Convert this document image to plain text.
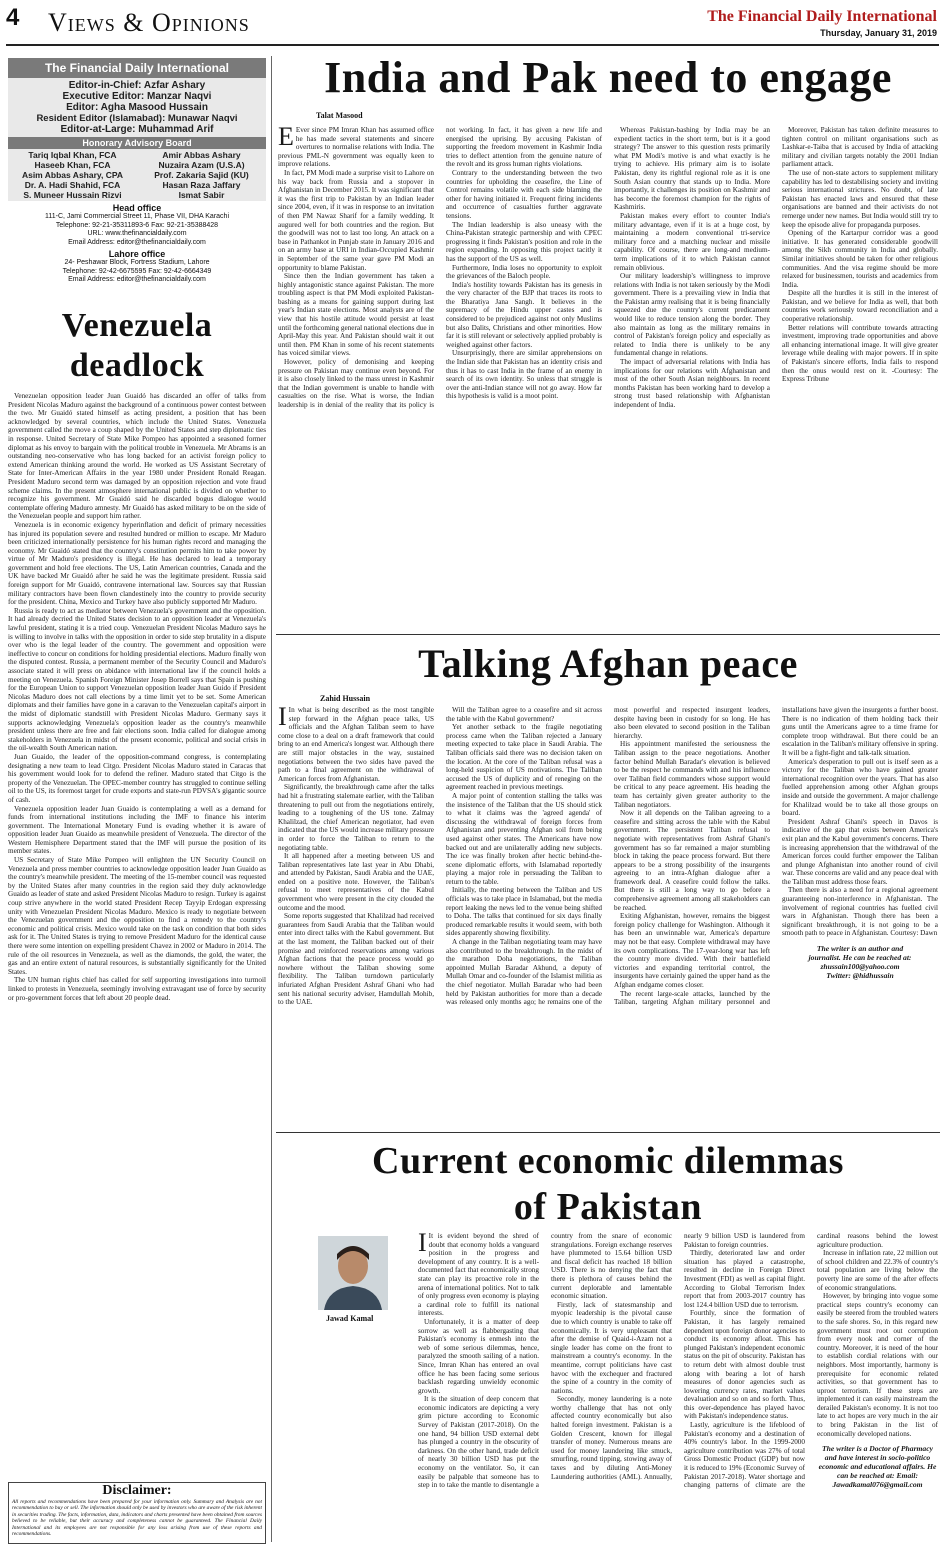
4 Views & Opinions	The Financial Daily International
Thursday, January 31, 2019
The Financial Daily International
Editor-in-Chief: Azfar Ashary
Executive Editor: Manzar Naqvi
Editor: Agha Masood Hussain
Resident Editor (Islamabad): Munawar Naqvi
Editor-at-Large: Muhammad Arif
Honorary Advisory Board
Tariq Iqbal Khan, FCA
Haseeb Khan, FCA
Asim Abbas Ashary, CPA
Dr. A. Hadi Shahid, FCA
S. Muneer Hussain Rizvi
Amir Abbas Ashary
Nuzaira Azam (U.S.A)
Prof. Zakaria Sajid (KU)
Hasan Raza Jaffary
Ismat Sabir
Head office
111-C, Jami Commercial Street 11, Phase VII, DHA Karachi
Telephone: 92-21-35311893-6 Fax: 92-21-35388428
URL: www.thefinancialdaily.com
Email Address: editor@thefinancialdaily.com
Lahore office
24- Peshawar Block, Fortress Stadium, Lahore
Telephone: 92-42-6675595 Fax: 92-42-6664349
Email Address: editor@thefinancialdaily.com
Venezuela
deadlock

Venezuelan opposition leader Juan Guaidó has discarded an offer of talks from President Nicolas Maduro against the background of a continuous power contest between the two. Mr Guaidó stated himself as acting president, a position that has been acknowledged by several countries, which include the United States. Venezuela government called the move a coup shaped by the United States and step diplomatic ties in response. United Secretary of State Mike Pompeo has appointed a seasoned former diplomat as his envoy to bargain with the political trouble in Venezuela. Mr Abrams is an outstanding neo-conservative who has long backed for an activist foreign policy to extend American thinking around the world. He worked as US Assistant Secretary of State for Inter-American Affairs in the year 1980 under President Ronald Reagan. President Maduro second term was damaged by an opposition rejection and vote fraud scheme claims. In the present atmosphere international public is divided on whether to recognize his government. Mr Guaidó said he discarded bogus dialogue would contemplate offering Maduro amnesty. Mr Guaidó has asked military to be on the side of the Venezuelan people and support him rather.

Venezuela is in economic exigency hyperinflation and deficit of primary necessities has injured its population severe and resulted hundred or million to escape. Mr Maduro been criticized internationally persistence for his human rights record and managing the economy. Mr Guaidó stated that the country's constitution permits him to take power by virtue of Mr Maduro's presidency is illegal. He has declared to lead a temporary government and hold free elections. The US, Latin American countries, Canada and the UK have backed Mr Guaidó after he said he was the legitimate president. Russia said foreign support for Mr Guaidó, contravene international law. Sources say that Russian military contractors have been flown clandestinely into the country to provide security for the president. China, Mexico and Turkey have also publicly supported Mr Maduro.

Russia is ready to act as mediator between Venezuela's government and the opposition. It had already decried the United States decision to an opposition leader at Venezuela's lawful president, stating it is a tried coup. Venezuelan President Nicolas Maduro says he is willing to involve in talks with the opposition in order to side step brutality in a dispute over who is the legal leader of the country. The government and opposition were ineffective to concur on conditions for holding presidential elections. Maduro finally won the disputed contest. Russia, a permanent member of the Security Council and Maduro's associate stated it will press on abidance with international law if the council holds a meeting on Venezuela. Spanish Foreign Minister Josep Borrell says that Spain is pushing for the European Union to support Venezuelan opposition leader Juan Guido if President Nicolas Maduro does not call elections by a time limit yet to be set. Some American diplomats and their families have gone in a caravan to the Venezuelan capital's airport in the midst of diplomatic standstill with President Nicolas Maduro. Germany says it supports acknowledging Venezuela's opposition leader as the country's meanwhile president unless there are free and fair elections soon. India called for dialogue among stakeholders in Venezuela in midst of the present economic, political and social crisis in the oil-wealth South American nation.

Juan Guaido, the leader of the opposition-command congress, is contemplating designating a new team to lead Citgo. President Nicolas Maduro stated in Caracas that his government would look for to defend the refiner. Maduro stated that Citgo is the property of the Venezuelan. The OPEC-member country has struggled to continue selling oil to the US, its foremost target for crude exports and state-run PDVSA's gigantic source of cash.

Venezuela opposition leader Juan Guaido is contemplating a well as a demand for funds from international institutions including the IMF to finance his interim government. The International Monetary Fund is evading whether it is aware of opposition leader Juan Guaido as meanwhile president of Venezuela. The director of the Western Hemisphere Department stated that the IMF will pursue the position of its member states.

US Secretary of State Mike Pompeo will enlighten the UN Security Council on Venezuela and press member countries to acknowledge opposition leader Juan Guaido as the country's meanwhile president. The meeting of the 15-member council was requested by the United States after many countries in the region said they duly acknowledge Guaido as leader of state and asked President Nicolas Maduro to resign. Turkey is against coup strive anywhere in the world stated President Recep Tayyip Erdogan expressing unity with Venezuelan President Nicolas Maduro. Mexico is ready to negotiate between the Venezuelan government and the opposition to find a remedy to the country's economic and political crisis. Mexico would take on the task on condition that both sides ask for it. The United States is trying to remove President Maduro for the identical cause there were some intention on expelling president Chavez in 2002 or Maduro in 2014. The rule of the oil resources in Venezuela, as well as the diamonds, the gold, the water, the gas and an entire extent of natural resources, is substantially significantly for the United States.

The UN human rights chief has called for self supporting investigations into turmoil linked to protests in Venezuela, seemingly involving extravagant use of force by security or pro-government forces that left about 20 people dead.

Disclaimer:
All reports and recommendations have been prepared for your information only. Summary and Analysis are not recommendation to buy or sell. The information should only be used by investors who are aware of the risk inherent in securities trading. The facts, information, data, indicators and charts presented have been obtained from sources believed to be reliable, but their accuracy and completeness cannot be guaranteed. The Financial Daily International and its employees are not responsible for any loss arising from use of these reports and recommendations.
India and Pak need to engage
Talat Masood

E Ever since PM Imran Khan has assumed office he has made several statements and sincere overtures to normalise relations with India. The previous PML-N government was equally keen to improve relations.

In fact, PM Modi made a surprise visit to Lahore on his way back from Russia and a stopover in Afghanistan in December 2015. It was significant that it was the first trip to Pakistan by an Indian leader since 2004, even, if it was in response to an invitation of then PM Nawaz Sharif for a family wedding. It augured well for both countries and the region. But the goodwill was not to last too long. An attack on a base in Pathankot in Punjab state in January 2016 and on an army base at URI in Indian-Occupied Kashmir in September of the same year gave PM Modi an opportunity to blame Pakistan.

Since then the Indian government has taken a highly antagonistic stance against Pakistan. The more troubling aspect is that PM Modi exploited Pakistan-bashing as a means for gaining support during last year's Indian state elections. Most analysts are of the view that his hostile attitude would persist at least until the forthcoming general national elections due in April-May this year. And Pakistan should wait it out until then. PM Khan in some of his recent statements has voiced similar views.

However, policy of demonising and keeping pressure on Pakistan may continue even beyond. For it is also closely linked to the mass unrest in Kashmir that the Indian government is unable to handle with casualties on the rise. What is worse, the Indian leadership is in denial of the reality that its policy is not working. In fact, it has given a new life and energised the uprising. By accusing Pakistan of supporting the freedom movement in Kashmir India tries to deflect attention from the genuine nature of the revolt and its gross human rights violations.

Contrary to the understanding between the two countries for upholding the ceasefire, the Line of Control remains volatile with each side blaming the other for having initiated it. Frequent firing incidents and occurrence of casualties further aggravate tensions.

The Indian leadership is also uneasy with the China-Pakistan strategic partnership and with CPEC progressing it finds Pakistan's position and role in the region expanding. In opposing this project tacitly it has the support of the US as well.

Furthermore, India loses no opportunity to exploit the grievances of the Baloch people.

India's hostility towards Pakistan has its genesis in the very character of the BJP that traces its roots to the Bharatiya Jana Sangh. It believes in the supremacy of the Hindu upper castes and is considered to be prejudiced against not only Muslims but also Dalits, Christians and other minorities. How far it is still relevant or selectively applied probably is weighed against other factors.

Unsurprisingly, there are similar apprehensions on the Indian side that Pakistan has an identity crisis and thus it has to cast India in the frame of an enemy in search of its own identity. So unless that struggle is over the anti-Indian stance will not go away. How far this hypothesis is valid is a moot point.

Whereas Pakistan-bashing by India may be an expedient tactics in the short term, but is it a good strategy? The answer to this question rests primarily what PM Modi's motive is and what exactly is he trying to achieve. His primary aim is to isolate Pakistan, deny its rightful regional role as it is one South Asian country that stands up to India. More importantly, it challenges its position on Kashmir and has become the foremost champion for the rights of Kashmiris.

Pakistan makes every effort to counter India's military advantage, even if it is at a huge cost, by maintaining a modern conventional tri-service military force and a matching nuclear and missile capability. Of course, there are long-and medium-term implications of it to which Pakistan cannot remain oblivious.

Our military leadership's willingness to improve relations with India is not taken seriously by the Modi government. There is a prevailing view in India that the Pakistan army realising that it is being financially squeezed due the country's current predicament would like to reduce tension along the border. They also maintain as long as the military remains in control of Pakistan's foreign policy and especially as related to India there is unlikely to be any fundamental change in relations.

The impact of adversarial relations with India has implications for our relations with Afghanistan and most of the other South Asian neighbours. In recent months Pakistan has been working hard to develop a strong trust based relationship with Afghanistan independent of India.

Moreover, Pakistan has taken definite measures to tighten control on militant organisations such as Lashkar-e-Taiba that is accused by India of attacking military and civilian targets notably the 2001 Indian parliament attack.

The use of non-state actors to supplement military capability has led to destabilising society and inviting serious international strictures. No doubt, of late Pakistan has enacted laws and ensured that these organisations are banned and their activists do not remerge under new names. But India would still try to keep the episode alive for propaganda purposes.

Opening of the Kartarpur corridor was a good initiative. It has generated considerable goodwill among the Sikh community in India and globally. Similar initiatives should be taken for other religious communities. And the visa regime should be more relaxed for businessmen, tourists and academics from India.

Despite all the hurdles it is still in the interest of Pakistan, and we believe for India as well, that both countries work seriously toward reconciliation and a cooperative relationship.

Better relations will contribute towards attracting investment, improving trade opportunities and above all enhancing international image. It will give greater leverage while dealing with major powers. If in spite of Pakistan's sincere efforts, India fails to respond then the onus would rest on it. -Courtesy: The Express Tribune

Talking Afghan peace
Zahid Hussain

I In what is being described as the most tangible step forward in the Afghan peace talks, US officials and the Afghan Taliban seem to have come close to a deal on a draft framework that could bring to an end America's longest war. Although there are still major obstacles in the way, sustained negotiations between the two sides have paved the path to a final agreement on the withdrawal of American forces from Afghanistan.

Significantly, the breakthrough came after the talks had hit a frustrating stalemate earlier, with the Taliban threatening to pull out from the negotiations entirely, leading to a toughening of the US tone. Zalmay Khalilzad, the chief American negotiator, had even indicated that the US would increase military pressure in order to force the Taliban to return to the negotiating table.

It all happened after a meeting between US and Taliban representatives late last year in Abu Dhabi, and attended by Pakistan, Saudi Arabia and the UAE, ended on a positive note. However, the Taliban's refusal to meet representatives of the Kabul government who were present in the city clouded the outcome and the mood.

Some reports suggested that Khalilzad had received guarantees from Saudi Arabia that the Taliban would enter into direct talks with the Kabul government. But at the last moment, the Taliban backed out of their promise and reinforced reservations among various Afghan factions that the peace process would go nowhere without the Taliban showing some flexibility. The Taliban turndown particularly infuriated Afghan President Ashraf Ghani who had sent his national security adviser, Hamdullah Mohib, to the UAE.

Will the Taliban agree to a ceasefire and sit across the table with the Kabul government?

Yet another setback to the fragile negotiating process came when the Taliban rejected a January meeting expected to take place in Saudi Arabia. The Taliban officials said there was no decision taken on the location. At the core of the Taliban refusal was a long-held suspicion of US motivations. The Taliban accused the US of duplicity and of reneging on the agreement reached in previous meetings.

A major point of contention stalling the talks was the insistence of the Taliban that the US should stick to what it claims was the 'agreed agenda' of discussing the withdrawal of foreign forces from Afghanistan and preventing Afghan soil from being used against other states. The Americans have now backed out and are unilaterally adding new subjects. The ice was finally broken after hectic behind-the-scene diplomatic efforts, with Islamabad reportedly playing a major role in persuading the Taliban to return to the table.

Initially, the meeting between the Taliban and US officials was to take place in Islamabad, but the media report leaking the news led to the venue being shifted to Doha. The talks that continued for six days finally produced remarkable results it would seem, with both sides apparently showing flexibility.

A change in the Taliban negotiating team may have also contributed to the breakthrough. In the midst of the marathon Doha negotiations, the Taliban appointed Mullah Baradar Akhund, a deputy of Mullah Omar and co-founder of the Islamist militia as the chief negotiator. Mullah Baradar who had been held by Pakistan authorities for more than a decade was released only months ago; he remains one of the most powerful and respected insurgent leaders, despite having been in custody for so long. He has also been elevated to second position in the Taliban hierarchy.

His appointment manifested the seriousness the Taliban assign to the peace negotiations. Another factor behind Mullah Baradar's elevation is believed to be the respect he commands with and his influence over Taliban field commanders whose support would be critical to any peace agreement. His heading the team has certainly given greater authority to the Taliban negotiators.

Now it all depends on the Taliban agreeing to a ceasefire and sitting across the table with the Kabul government. The persistent Taliban refusal to negotiate with representatives from Ashraf Ghani's government has so far remained a major stumbling block in taking the peace process forward. But there appears to be a strong possibility of the insurgents agreeing to an intra-Afghan dialogue after a framework deal. A ceasefire could follow the talks. But there is still a long way to go before a comprehensive agreement among all stakeholders can be reached.

Exiting Afghanistan, however, remains the biggest foreign policy challenge for Washington. Although it has been an unwinnable war, America's departure may not be that easy. Complete withdrawal may have its own complications. The 17-year-long war has left the country more divided. With their battlefield victories and expanding territorial control, the insurgents have certainly gained the upper hand as the Afghan endgame comes closer.

The recent large-scale attacks, launched by the Taliban, targeting Afghan military personnel and installations have given the insurgents a further boost. There is no indication of them holding back their guns until the Americans agree to a time frame for complete troop withdrawal. But there could be an escalation in the Taliban's military offensive in spring. It will be a fight-fight and talk-talk situation.

America's desperation to pull out is itself seen as a victory for the Taliban who have gained greater international recognition over the years. That has also fuelled apprehension among other Afghan groups inside and outside the government. A major challenge for Khalilzad would be to take all those groups on board.

President Ashraf Ghani's speech in Davos is indicative of the gap that exists between America's exit plan and the Kabul government's concerns. There is increasing apprehension that the withdrawal of the American forces could further empower the Taliban and plunge Afghanistan into another round of civil war. These concerns are valid and any peace deal with the Taliban must address those fears.

Then there is also a need for a regional agreement guaranteeing non-interference in Afghanistan. The involvement of regional countries has fuelled civil wars in Afghanistan. Though there has been a significant breakthrough, it is not going to be a smooth path to peace in Afghanistan. Courtesy: Dawn

The writer is an author and
journalist. He can be reached at:
zhussain100@yahoo.com
Twitter: @hidhussain
Current economic dilemmas
of Pakistan
Jawad Kamal

I It is evident beyond the shred of doubt that economy holds a vanguard position in the progress and development of any country. It is a well-documented fact that economically strong state can play its proactive role in the arena of international politics. Not to talk of only progress even economy is playing a cardinal role to fulfill its national interests.

Unfortunately, it is a matter of deep sorrow as well as flabbergasting that Pakistan's economy is enmesh into the web of some serious dilemmas, hence, paralyzed the smooth sailing of a nation. Since, Imran Khan has entered an oval office he has been facing some serious backlash regarding unwieldy economic growth.

It is the situation of deep concern that economic indicators are depicting a very grim picture according to Economic Survey of Pakistan (2017-2018). On the one hand, 94 billion USD external debt has plunged a country in the obscurity of darkness. On the other hand, trade deficit of nearly 30 billion USD has put the economy on the ventilator. So, it can easily be palpable that someone has to step in to take the mantle to disentangle a country from the snare of economic strangulations. Foreign exchange reserves have plummeted to 15.64 billion USD and fiscal deficit has reached 18 billion USD. There is no denying the fact that there is plethora of causes behind the current deplorable and lamentable economic situation.

Firstly, lack of statesmanship and myopic leadership is the pivotal cause due to which country is unable to take off economically. It is very unpleasant that after the demise of Quaid-i-Azam not a single leader has come on the front to mainstream a country's economy. In the meantime, corrupt politicians have cast havoc with the exchequer and fractured the spine of a country in the comity of nations.

Secondly, money laundering is a note worthy challenge that has not only affected country economically but also halted foreign investment. Pakistan is a Golden Crescent, known for illegal transfer of money. Numerous means are used for money laundering like smuck, smurfing, round tipping, stowing away of taxes and by diluting Anti-Money Laundering authorities (AML). Annually, nearly 9 billion USD is laundered from Pakistan to foreign countries.

Thirdly, deteriorated law and order situation has played a catastrophe, resulted in decline in Foreign Direct Investment (FDI) as well as capital flight. According to Global Terrorism Index report that from 2003-2017 country has lost 124.4 billion USD due to terrorism.

Fourthly, since the formation of Pakistan, it has largely remained dependent upon foreign donor agencies to conduct its economy afloat. This has plunged Pakistan's independent economic status on the pit of obscurity. Pakistan has to return debt with almost double trust along with bearing a lot of harsh measures of donor agencies such as lowering currency rates, market values devaluation and so on and so forth. Thus, this over-dependence has played havoc with Pakistan's independence status.

Lastly, agriculture is the lifeblood of Pakistan's economy and a destination of 40% country's labor. In the 1999-2000 agriculture contribution was 27% of total Gross Domestic Product (GDP) but now it is reduced to 19% (Economic Survey of Pakistan 2017-2018). Water shortage and changing patterns of climate are the cardinal reasons behind the lowest agriculture production.

Increase in inflation rate, 22 million out of school children and 22.3% of country's total population are living below the poverty line are some of the after effects of economic strangulations.

However, by bringing into vogue some practical steps country's economy can easily be steered from the troubled waters to the safe shores. So, in this regard new government must root out corruption from every nook and corner of the country. Moreover, it is need of the hour to establish cordial relations with our neighbors. Most importantly, harmony is prerequisite for economic related activities, so that government has to uproot terrorism. If these steps are implemented it can easily mainstream the derailed Pakistan's economy. It is not too late to act hopes are very much in the air to bring Pakistan in the list of economically developed nations.

The writer is a Doctor of Pharmacy
and have interest in socio-politico
economic and educational affairs. He
can be reached at: Email:
Jawadkamal076@gmail.com
